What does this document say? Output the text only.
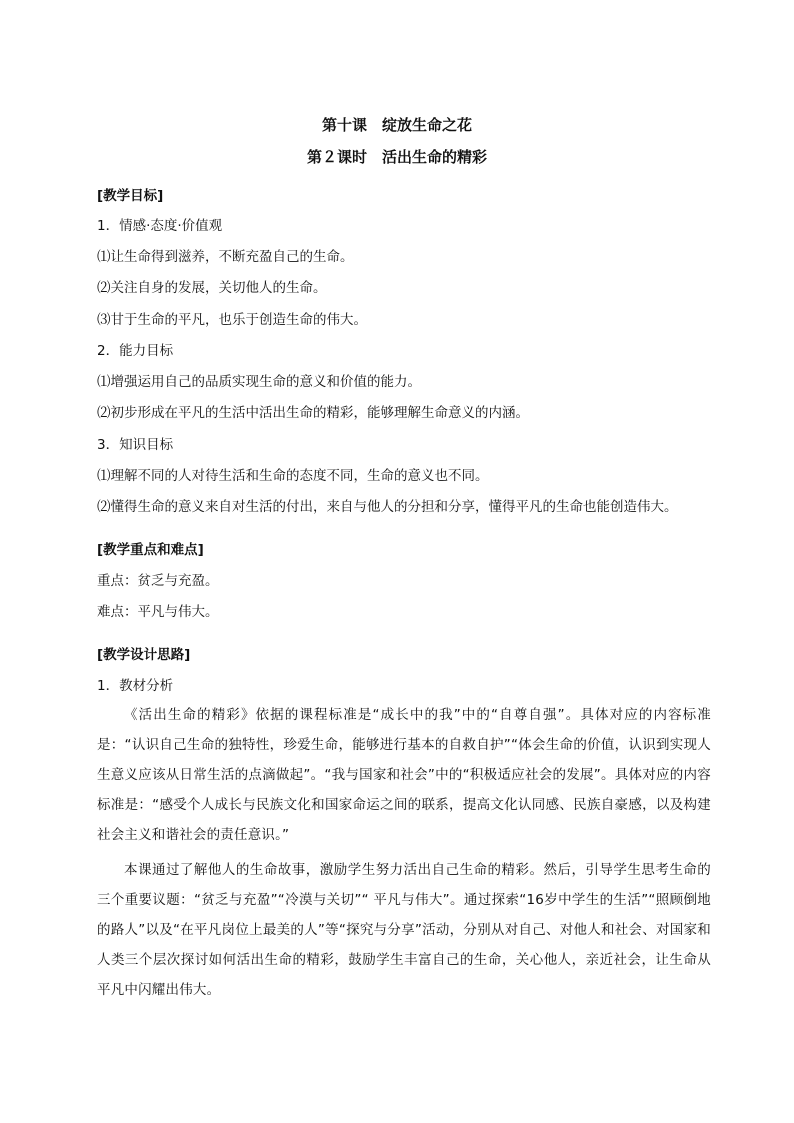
第十课　绽放生命之花
第２课时　活出生命的精彩
[教学目标]
1．情感·态度·价值观
⑴让生命得到滋养，不断充盈自己的生命。
⑵关注自身的发展，关切他人的生命。
⑶甘于生命的平凡，也乐于创造生命的伟大。
2．能力目标
⑴增强运用自己的品质实现生命的意义和价值的能力。
⑵初步形成在平凡的生活中活出生命的精彩，能够理解生命意义的内涵。
3．知识目标
⑴理解不同的人对待生活和生命的态度不同，生命的意义也不同。
⑵懂得生命的意义来自对生活的付出，来自与他人的分担和分享，懂得平凡的生命也能创造伟大。
[教学重点和难点]
重点：贫乏与充盈。
难点：平凡与伟大。
[教学设计思路]
1．教材分析
《活出生命的精彩》依据的课程标准是“成长中的我”中的“自尊自强”。具体对应的内容标准是：“认识自己生命的独特性，珍爱生命，能够进行基本的自救自护”“体会生命的价值，认识到实现人生意义应该从日常生活的点滴做起”。“我与国家和社会”中的“积极适应社会的发展”。具体对应的内容标准是：“感受个人成长与民族文化和国家命运之间的联系，提高文化认同感、民族自豪感，以及构建社会主义和谐社会的责任意识。”
本课通过了解他人的生命故事，激励学生努力活出自己生命的精彩。然后，引导学生思考生命的三个重要议题：“贫乏与充盈”“冷漠与关切”“ 平凡与伟大”。通过探索“16岁中学生的生活”“照顾倒地的路人”以及“在平凡岗位上最美的人”等“探究与分享”活动，分别从对自己、对他人和社会、对国家和人类三个层次探讨如何活出生命的精彩，鼓励学生丰富自己的生命，关心他人，亲近社会，让生命从平凡中闪耀出伟大。
